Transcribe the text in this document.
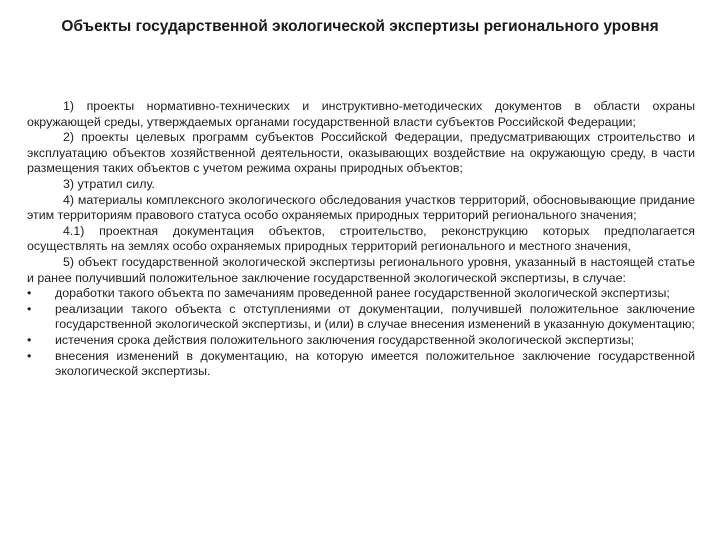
Объекты государственной экологической экспертизы регионального уровня

1) проекты нормативно-технических и инструктивно-методических документов в области охраны окружающей среды, утверждаемых органами государственной власти субъектов Российской Федерации;

2) проекты целевых программ субъектов Российской Федерации, предусматривающих строительство и эксплуатацию объектов хозяйственной деятельности, оказывающих воздействие на окружающую среду, в части размещения таких объектов с учетом режима охраны природных объектов;

3) утратил силу.

4) материалы комплексного экологического обследования участков территорий, обосновывающие придание этим территориям правового статуса особо охраняемых природных территорий регионального значения;

4.1) проектная документация объектов, строительство, реконструкцию которых предполагается осуществлять на землях особо охраняемых природных территорий регионального и местного значения,

5) объект государственной экологической экспертизы регионального уровня, указанный в настоящей статье и ранее получивший положительное заключение государственной экологической экспертизы, в случае:

• доработки такого объекта по замечаниям проведенной ранее государственной экологической экспертизы;
• реализации такого объекта с отступлениями от документации, получившей положительное заключение государственной экологической экспертизы, и (или) в случае внесения изменений в указанную документацию;
• истечения срока действия положительного заключения государственной экологической экспертизы;
• внесения изменений в документацию, на которую имеется положительное заключение государственной экологической экспертизы.
